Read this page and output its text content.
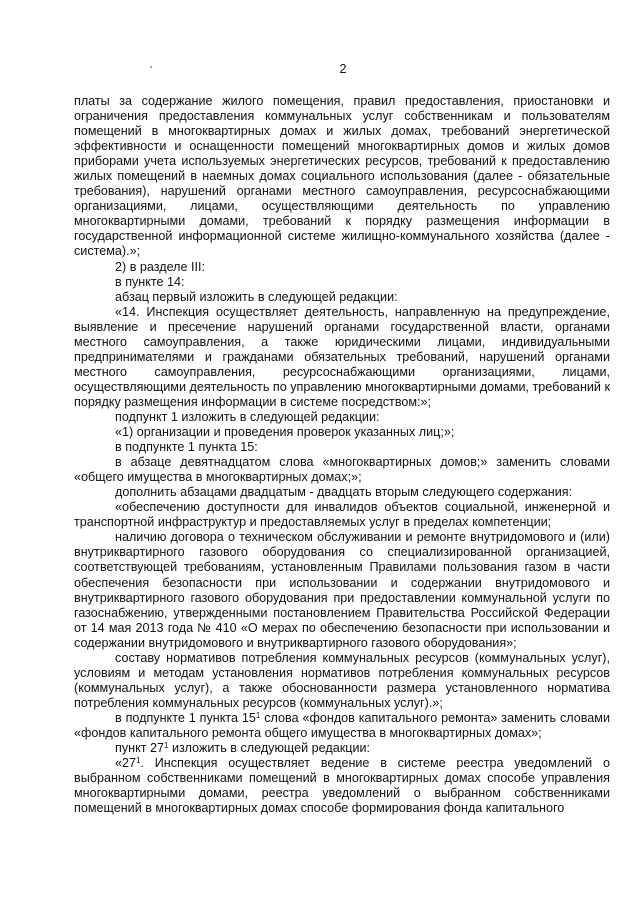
2

платы за содержание жилого помещения, правил предоставления, приостановки и ограничения предоставления коммунальных услуг собственникам и пользователям помещений в многоквартирных домах и жилых домах, требований энергетической эффективности и оснащенности помещений многоквартирных домов и жилых домов приборами учета используемых энергетических ресурсов, требований к предоставлению жилых помещений в наемных домах социального использования (далее - обязательные требования), нарушений органами местного самоуправления, ресурсоснабжающими организациями, лицами, осуществляющими деятельность по управлению многоквартирными домами, требований к порядку размещения информации в государственной информационной системе жилищно-коммунального хозяйства (далее - система).»;

2) в разделе III:

в пункте 14:

абзац первый изложить в следующей редакции:

«14. Инспекция осуществляет деятельность, направленную на предупреждение, выявление и пресечение нарушений органами государственной власти, органами местного самоуправления, а также юридическими лицами, индивидуальными предпринимателями и гражданами обязательных требований, нарушений органами местного самоуправления, ресурсоснабжающими организациями, лицами, осуществляющими деятельность по управлению многоквартирными домами, требований к порядку размещения информации в системе посредством:»;

подпункт 1 изложить в следующей редакции:

«1) организации и проведения проверок указанных лиц;»;

в подпункте 1 пункта 15:

в абзаце девятнадцатом слова «многоквартирных домов;» заменить словами «общего имущества в многоквартирных домах;»;

дополнить абзацами двадцатым - двадцать вторым следующего содержания:

«обеспечению доступности для инвалидов объектов социальной, инженерной и транспортной инфраструктур и предоставляемых услуг в пределах компетенции;

наличию договора о техническом обслуживании и ремонте внутридомового и (или) внутриквартирного газового оборудования со специализированной организацией, соответствующей требованиям, установленным Правилами пользования газом в части обеспечения безопасности при использовании и содержании внутридомового и внутриквартирного газового оборудования при предоставлении коммунальной услуги по газоснабжению, утвержденными постановлением Правительства Российской Федерации от 14 мая 2013 года № 410 «О мерах по обеспечению безопасности при использовании и содержании внутридомового и внутриквартирного газового оборудования»;

составу нормативов потребления коммунальных ресурсов (коммунальных услуг), условиям и методам установления нормативов потребления коммунальных ресурсов (коммунальных услуг), а также обоснованности размера установленного норматива потребления коммунальных ресурсов (коммунальных услуг).»;

в подпункте 1 пункта $15^1$ слова «фондов капитального ремонта» заменить словами «фондов капитального ремонта общего имущества в многоквартирных домах»;

пункт $27^1$ изложить в следующей редакции:

«$27^1$. Инспекция осуществляет ведение в системе реестра уведомлений о выбранном собственниками помещений в многоквартирных домах способе управления многоквартирными домами, реестра уведомлений о выбранном собственниками помещений в многоквартирных домах способе формирования фонда капитального
